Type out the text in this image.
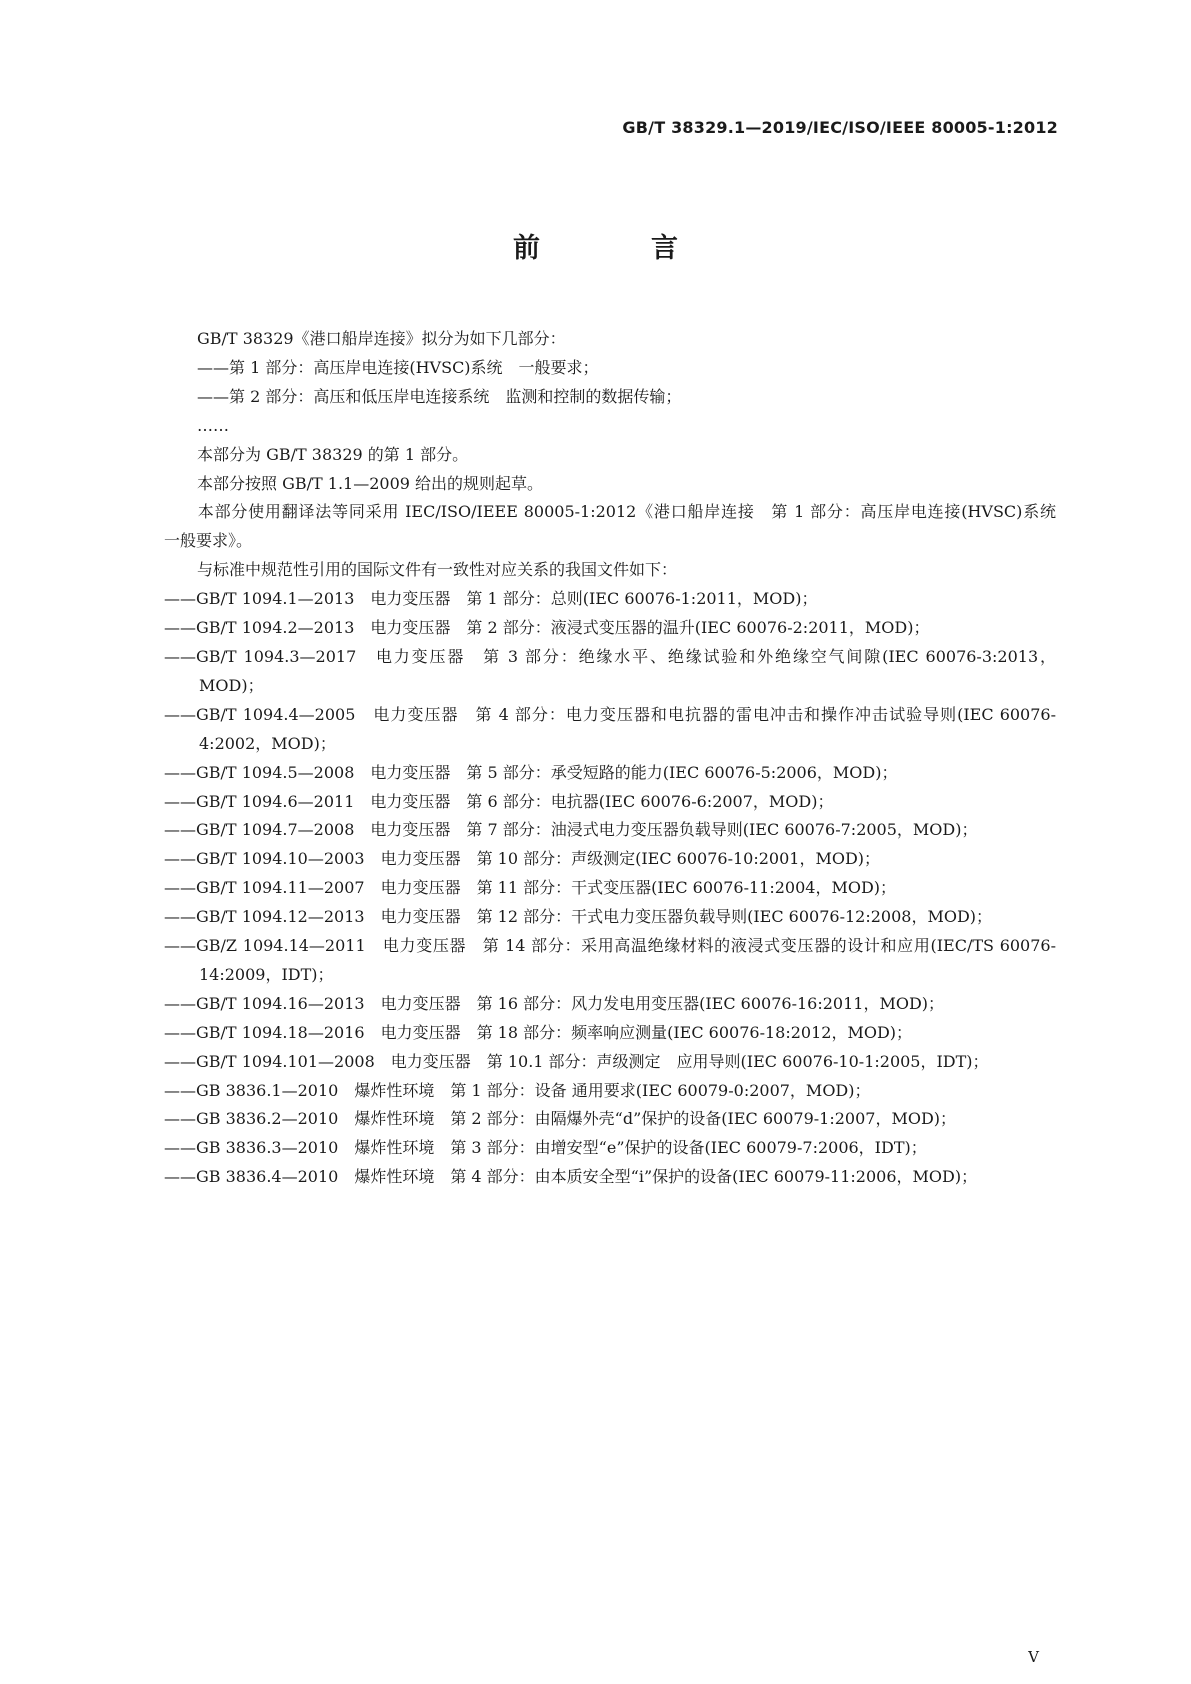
GB/T 38329.1—2019/IEC/ISO/IEEE 80005-1:2012
前　言
GB/T 38329《港口船岸连接》拟分为如下几部分：
——第 1 部分：高压岸电连接(HVSC)系统　一般要求；
——第 2 部分：高压和低压岸电连接系统　监测和控制的数据传输；
……
本部分为 GB/T 38329 的第 1 部分。
本部分按照 GB/T 1.1—2009 给出的规则起草。
本部分使用翻译法等同采用 IEC/ISO/IEEE 80005-1:2012《港口船岸连接　第 1 部分：高压岸电连接(HVSC)系统　一般要求》。
与标准中规范性引用的国际文件有一致性对应关系的我国文件如下：
——GB/T 1094.1—2013　电力变压器　第 1 部分：总则(IEC 60076-1:2011，MOD)；
——GB/T 1094.2—2013　电力变压器　第 2 部分：液浸式变压器的温升(IEC 60076-2:2011，MOD)；
——GB/T 1094.3—2017　电力变压器　第 3 部分：绝缘水平、绝缘试验和外绝缘空气间隙(IEC 60076-3:2013，MOD)；
——GB/T 1094.4—2005　电力变压器　第 4 部分：电力变压器和电抗器的雷电冲击和操作冲击试验导则(IEC 60076-4:2002，MOD)；
——GB/T 1094.5—2008　电力变压器　第 5 部分：承受短路的能力(IEC 60076-5:2006，MOD)；
——GB/T 1094.6—2011　电力变压器　第 6 部分：电抗器(IEC 60076-6:2007，MOD)；
——GB/T 1094.7—2008　电力变压器　第 7 部分：油浸式电力变压器负载导则(IEC 60076-7:2005，MOD)；
——GB/T 1094.10—2003　电力变压器　第 10 部分：声级测定(IEC 60076-10:2001，MOD)；
——GB/T 1094.11—2007　电力变压器　第 11 部分：干式变压器(IEC 60076-11:2004，MOD)；
——GB/T 1094.12—2013　电力变压器　第 12 部分：干式电力变压器负载导则(IEC 60076-12:2008，MOD)；
——GB/Z 1094.14—2011　电力变压器　第 14 部分：采用高温绝缘材料的液浸式变压器的设计和应用(IEC/TS 60076-14:2009，IDT)；
——GB/T 1094.16—2013　电力变压器　第 16 部分：风力发电用变压器(IEC 60076-16:2011，MOD)；
——GB/T 1094.18—2016　电力变压器　第 18 部分：频率响应测量(IEC 60076-18:2012，MOD)；
——GB/T 1094.101—2008　电力变压器　第 10.1 部分：声级测定　应用导则(IEC 60076-10-1:2005，IDT)；
——GB 3836.1—2010　爆炸性环境　第 1 部分：设备 通用要求(IEC 60079-0:2007，MOD)；
——GB 3836.2—2010　爆炸性环境　第 2 部分：由隔爆外壳“d”保护的设备(IEC 60079-1:2007，MOD)；
——GB 3836.3—2010　爆炸性环境　第 3 部分：由增安型“e”保护的设备(IEC 60079-7:2006，IDT)；
——GB 3836.4—2010　爆炸性环境　第 4 部分：由本质安全型“i”保护的设备(IEC 60079-11:2006，MOD)；
V
